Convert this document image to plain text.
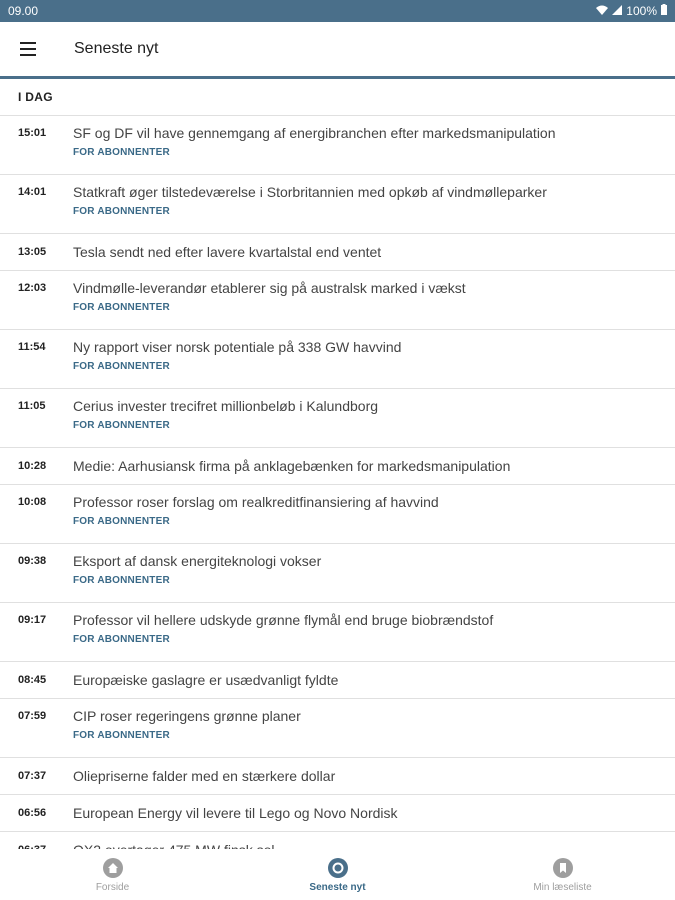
09.00	100%
Seneste nyt
I DAG
15:01	SF og DF vil have gennemgang af energibranchen efter markedsmanipulation
FOR ABONNENTER
14:01	Statkraft øger tilstedeværelse i Storbritannien med opkøb af vindmølleparker
FOR ABONNENTER
13:05	Tesla sendt ned efter lavere kvartalstal end ventet
12:03	Vindmølle-leverandør etablerer sig på australsk marked i vækst
FOR ABONNENTER
11:54	Ny rapport viser norsk potentiale på 338 GW havvind
FOR ABONNENTER
11:05	Cerius invester trecifret millionbeløb i Kalundborg
FOR ABONNENTER
10:28	Medie: Aarhusiansk firma på anklagebænken for markedsmanipulation
10:08	Professor roser forslag om realkreditfinansiering af havvind
FOR ABONNENTER
09:38	Eksport af dansk energiteknologi vokser
FOR ABONNENTER
09:17	Professor vil hellere udskyde grønne flymål end bruge biobrændstof
FOR ABONNENTER
08:45	Europæiske gaslagre er usædvanligt fyldte
07:59	CIP roser regeringens grønne planer
FOR ABONNENTER
07:37	Oliepriserne falder med en stærkere dollar
06:56	European Energy vil levere til Lego og Novo Nordisk
Forside	Seneste nyt	Min læseliste
